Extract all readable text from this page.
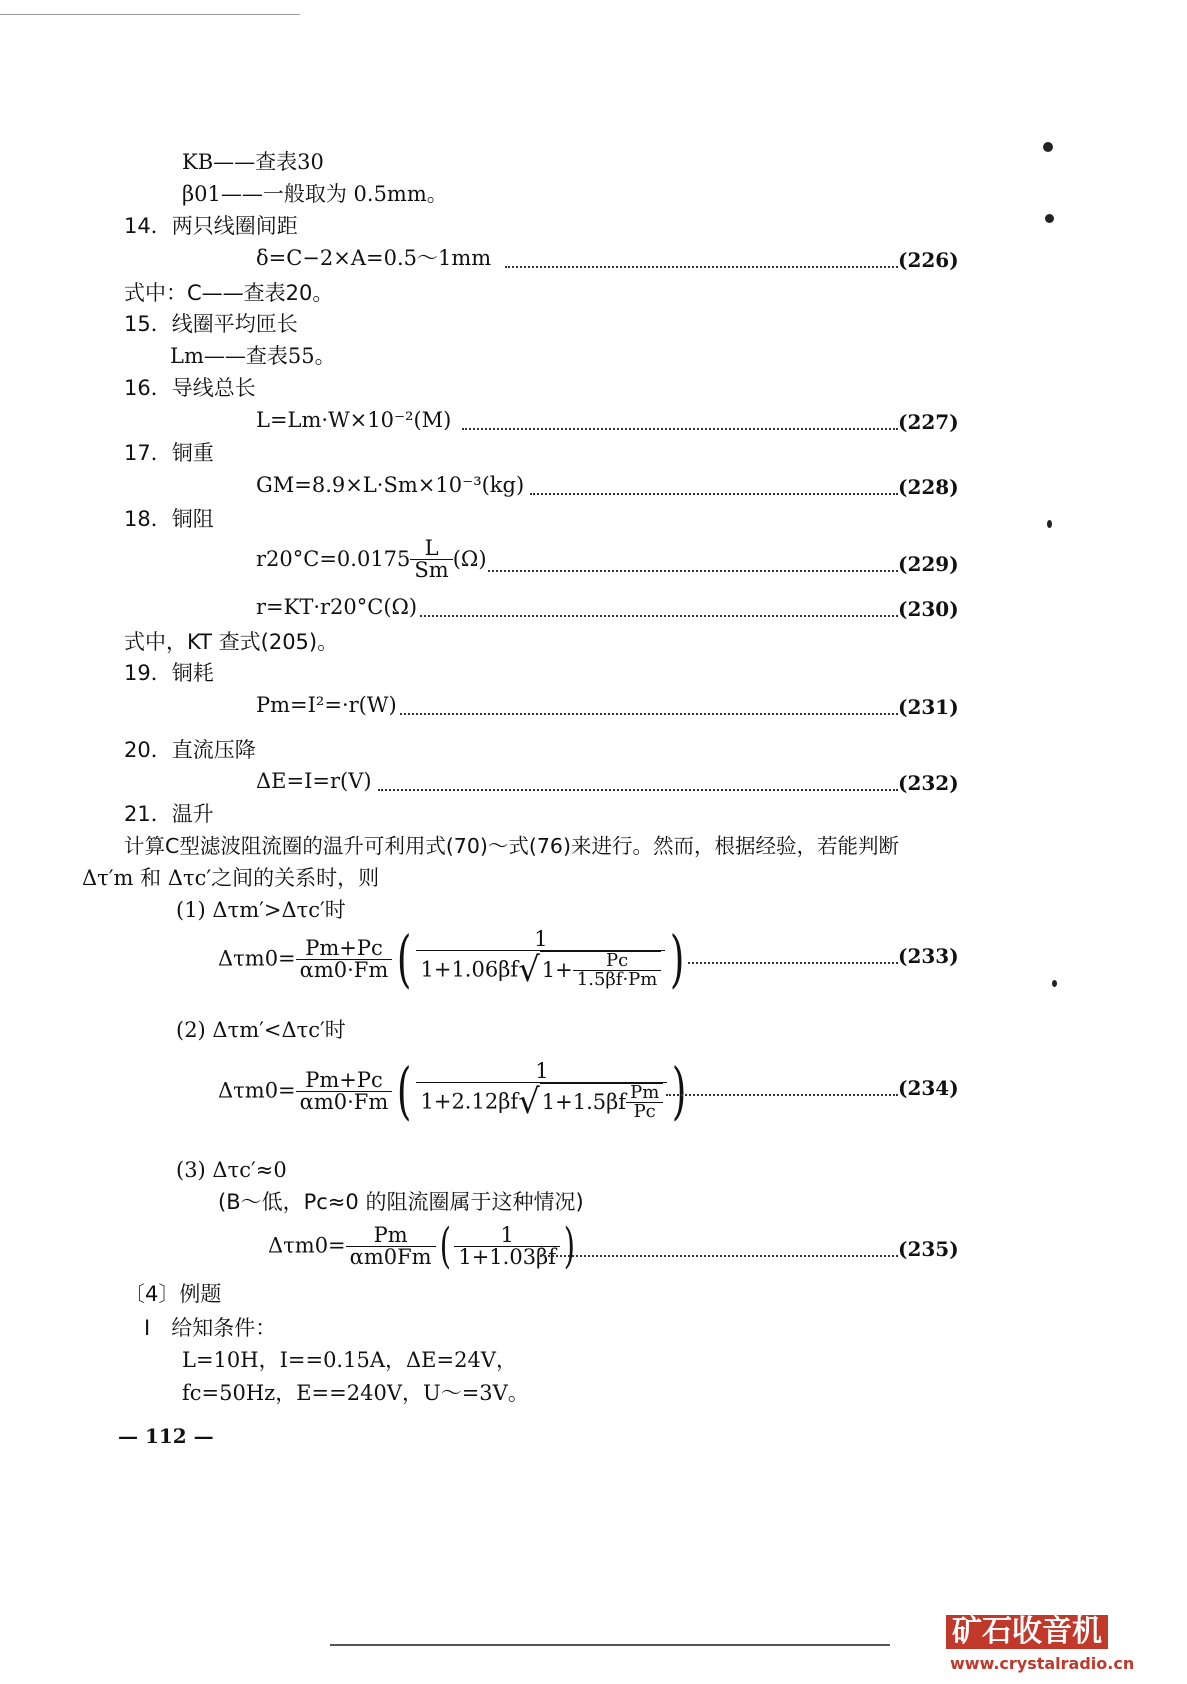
KB——查表30
β01——一般取为 0.5mm。
14．两只线圈间距
δ=C−2×A=0.5～1mm	(226)
式中：C——查表20。
15．线圈平均匝长
Lm——查表55。
16．导线总长
L=Lm·W×10⁻²(M)	(227)
17．铜重
GM=8.9×L·Sm×10⁻³(kg)	(228)
18．铜阻
$r20^\circ C=0.0175 \frac{L}{Sm} (\Omega)$	(229)
r=KT·r20°C(Ω)	(230)
式中，KT 查式(205)。
19．铜耗
Pm=I²=·r(W)	(231)
20．直流压降
ΔE=I=r(V)	(232)
21．温升
计算C型滤波阻流圈的温升可利用式(70)～式(76)来进行。然而，根据经验，若能判断
Δτ′m 和 Δτc′之间的关系时，则
(1) Δτm′>Δτc′时
$\Delta\tau m0= \frac{Pm+Pc}{\alpha m0\cdot Fm}$ ( $\frac{1}{1+1.06\beta f√1+ \frac{Pc}{1.5\beta f\cdot Pm}}$ )	(233)
(2) Δτm′<Δτc′时
$\Delta\tau m0= \frac{Pm+Pc}{\alpha m0\cdot Fm}$ ( $\frac{1}{1+2.12\beta f√1+1.5\beta f \frac{Pm}{Pc}}$ )	(234)
(3) Δτc′≈0
(B～低，Pc≈0 的阻流圈属于这种情况)
$\Delta\tau m0= \frac{Pm}{\alpha m0Fm}$ ( $\frac{1}{1+1.03\beta f}$ )	(235)
〔4〕例题
Ⅰ　给知条件：
L=10H，I==0.15A，ΔE=24V，
fc=50Hz，E==240V，U～=3V。
— 112 —
矿石收音机
www.crystalradio.cn
